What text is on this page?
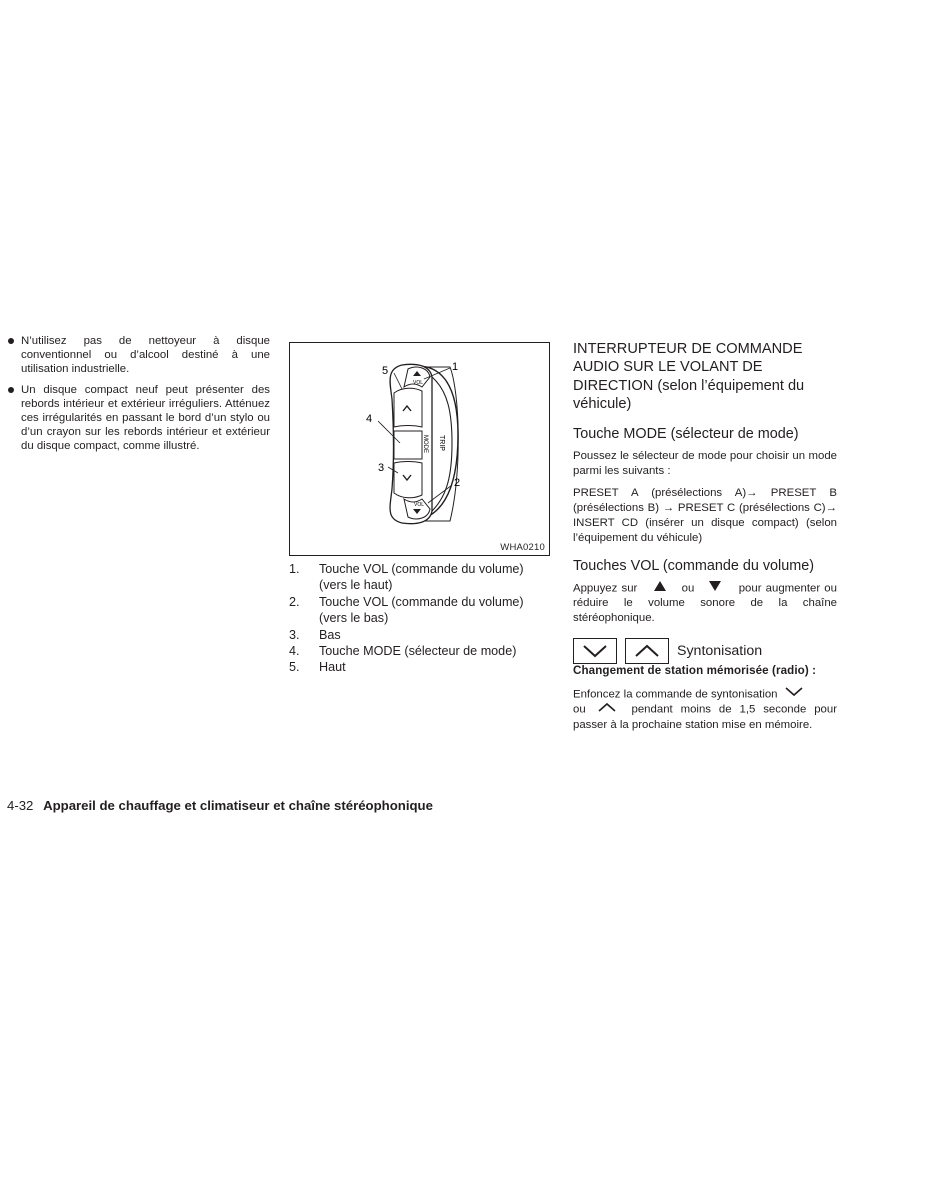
N’utilisez pas de nettoyeur à disque conventionnel ou d’alcool destiné à une utilisation industrielle.
Un disque compact neuf peut présenter des rebords intérieur et extérieur irréguliers. Atténuez ces irrégularités en passant le bord d’un stylo ou d’un crayon sur les rebords intérieur et extérieur du disque compact, comme illustré.	TRIP
VOL
MODE
VOL
1
5
4
3
2
WHA0210
1.	Touche VOL (commande du volume) (vers le haut)
2.	Touche VOL (commande du volume) (vers le bas)
3.	Bas
4.	Touche MODE (sélecteur de mode)
5.	Haut
INTERRUPTEUR DE COMMANDE AUDIO SUR LE VOLANT DE DIRECTION (selon l’équipement du véhicule)
Touche MODE (sélecteur de mode)

Poussez le sélecteur de mode pour choisir un mode parmi les suivants :

PRESET A (présélections A)→ PRESET B (présélections B) → PRESET C (présélections C)→ INSERT CD (insérer un disque compact) (selon l’équipement du véhicule)

Touches VOL (commande du volume)

Appuyez sur	ou	pour augmenter ou réduire le volume sonore de la chaîne stéréophonique.

Syntonisation

Changement de station mémorisée (radio) :

Enfoncez la commande de syntonisation
ou	pendant moins de 1,5 seconde pour passer à la prochaine station mise en mémoire.

4-32 Appareil de chauffage et climatiseur et chaîne stéréophonique
